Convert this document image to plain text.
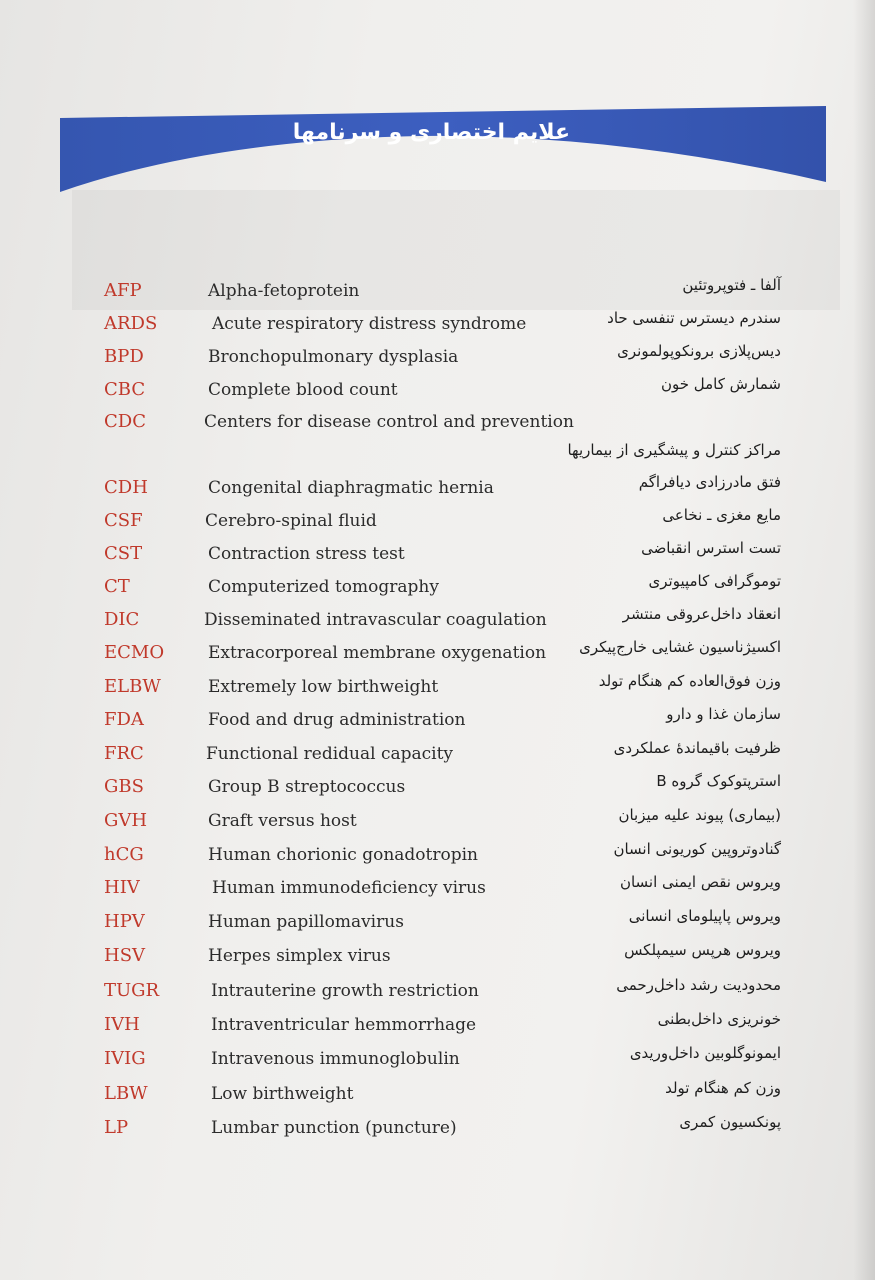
علایم اختصاری و سرنامها
AFP	Alpha-fetoprotein	آلفا ـ فتوپروتئین
ARDS	Acute respiratory distress syndrome	سندرم دیسترس تنفسی حاد
BPD	Bronchopulmonary dysplasia	دیس‌پلازی برونکوپولمونری
CBC	Complete blood count	شمارش کامل خون
CDC	Centers for disease control and prevention
مراکز کنترل و پیشگیری از بیماریها
CDH	Congenital diaphragmatic hernia	فتق مادرزادی دیافراگم
CSF	Cerebro-spinal fluid	مایع مغزی ـ نخاعی
CST	Contraction stress test	تست استرس انقباضی
CT	Computerized tomography	توموگرافی کامپیوتری
DIC	Disseminated intravascular coagulation	انعقاد داخل‌عروقی منتشر
ECMO	Extracorporeal membrane oxygenation اکسیژناسیون غشایی خارج‌پیکری
ELBW	Extremely low birthweight	وزن فوق‌العاده کم هنگام تولد
FDA	Food and drug administration	سازمان غذا و دارو
FRC	Functional redidual capacity	ظرفیت باقیماندهٔ عملکردی
GBS	Group B streptococcus	استرپتوکوک گروه B
GVH	Graft versus host	(بیماری) پیوند علیه میزبان
hCG	Human chorionic gonadotropin	گنادوتروپین کوریونی انسان
HIV	Human immunodeficiency virus	ویروس نقص ایمنی انسان
HPV	Human papillomavirus	ویروس پاپیلومای انسانی
HSV	Herpes simplex virus	ویروس هرپس سیمپلکس
TUGR	Intrauterine growth restriction	محدودیت رشد داخل‌رحمی
IVH	Intraventricular hemmorrhage	خونریزی داخل‌بطنی
IVIG	Intravenous immunoglobulin	ایمونوگلوبین داخل‌وریدی
LBW	Low birthweight	وزن کم هنگام تولد
LP	Lumbar punction (puncture)	پونکسیون کمری
